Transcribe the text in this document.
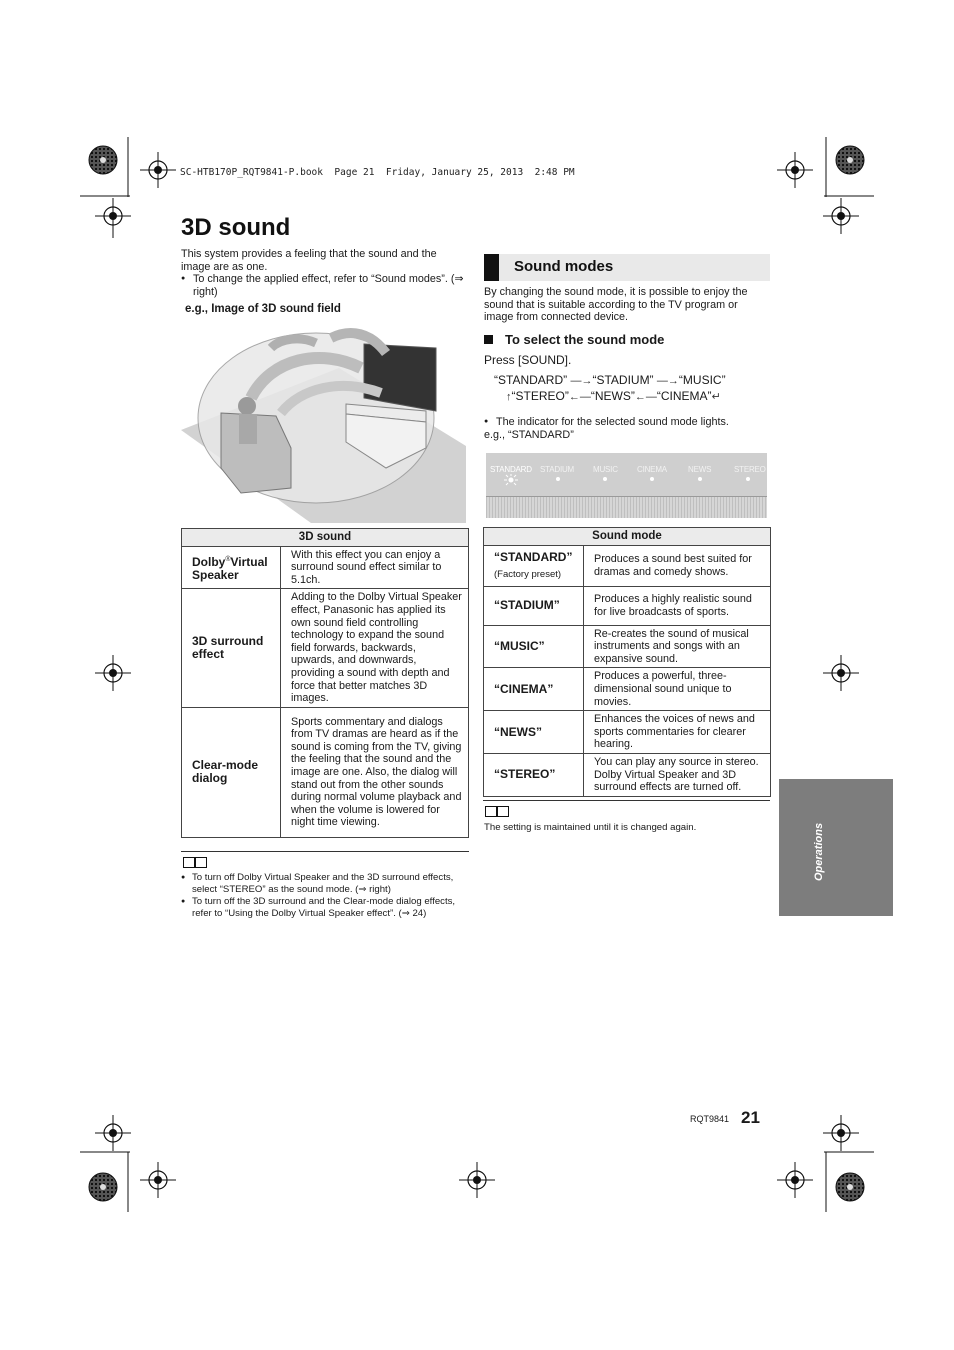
SC-HTB170P_RQT9841-P.book  Page 21  Friday, January 25, 2013  2:48 PM
3D sound

This system provides a feeling that the sound and the image are as one.

● To change the applied effect, refer to “Sound modes”. (⇒ right)

e.g., Image of 3D sound field
3D sound	
Dolby®Virtual Speaker	With this effect you can enjoy a surround sound effect similar to 5.1ch.
3D surround effect	Adding to the Dolby Virtual Speaker effect, Panasonic has applied its own sound field controlling technology to expand the sound field forwards, backwards, upwards, and downwards, providing a sound with depth and force that better matches 3D images.
Clear-mode dialog	Sports commentary and dialogs from TV dramas are heard as if the sound is coming from the TV, giving the feeling that the sound and the image are one. Also, the dialog will stand out from the other sounds during normal volume playback and when the volume is lowered for night time viewing.

● To turn off Dolby Virtual Speaker and the 3D surround effects, select “STEREO” as the sound mode. (⇒ right)

● To turn off the 3D surround and the Clear-mode dialog effects, refer to “Using the Dolby Virtual Speaker effect”. (⇒ 24)

Sound modes
By changing the sound mode, it is possible to enjoy the sound that is suitable according to the TV program or image from connected device.
To select the sound mode
Press [SOUND].
“STANDARD” —→“STADIUM” —→“MUSIC”
↑“STEREO”←—“NEWS”←—“CINEMA”↵
● The indicator for the selected sound mode lights.
e.g., “STANDARD”
STANDARD STADIUM MUSIC CINEMA	NEWS	STEREO
Sound mode	
“STANDARD”
(Factory preset)	Produces a sound best suited for dramas and comedy shows.
“STADIUM”	Produces a highly realistic sound for live broadcasts of sports.
“MUSIC”	Re-creates the sound of musical instruments and songs with an expansive sound.
“CINEMA”	Produces a powerful, three-dimensional sound unique to movies.
“NEWS”	Enhances the voices of news and sports commentaries for clearer hearing.
“STEREO”	You can play any source in stereo. Dolby Virtual Speaker and 3D surround effects are turned off.
The setting is maintained until it is changed again.	Operations
RQT9841 21
